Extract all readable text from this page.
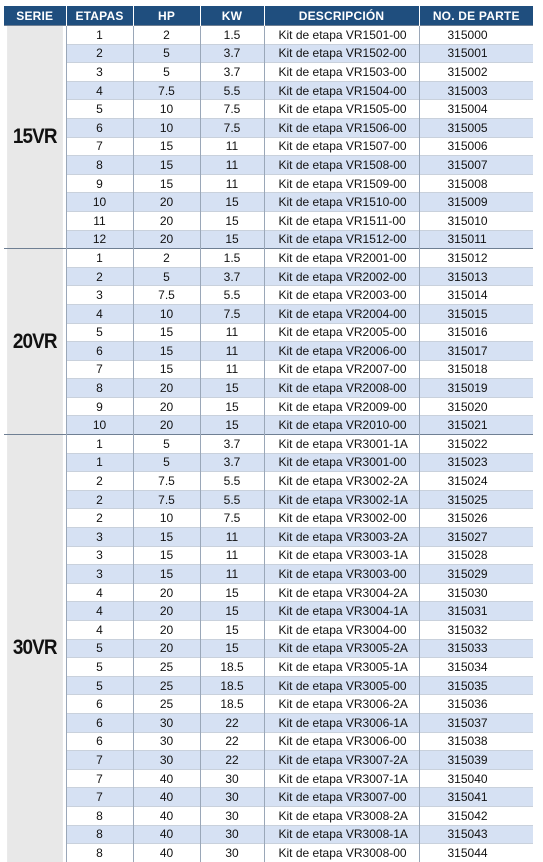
SERIE	ETAPAS	HP	KW	DESCRIPCIÓN	NO. DE PARTE
15VR	1	2	1.5	Kit de etapa VR1501-00	315000
	2	5	3.7	Kit de etapa VR1502-00	315001
	3	5	3.7	Kit de etapa VR1503-00	315002
	4	7.5	5.5	Kit de etapa VR1504-00	315003
	5	10	7.5	Kit de etapa VR1505-00	315004
	6	10	7.5	Kit de etapa VR1506-00	315005
	7	15	11	Kit de etapa VR1507-00	315006
	8	15	11	Kit de etapa VR1508-00	315007
	9	15	11	Kit de etapa VR1509-00	315008
	10	20	15	Kit de etapa VR1510-00	315009
	11	20	15	Kit de etapa VR1511-00	315010
	12	20	15	Kit de etapa VR1512-00	315011
20VR	1	2	1.5	Kit de etapa VR2001-00	315012
	2	5	3.7	Kit de etapa VR2002-00	315013
	3	7.5	5.5	Kit de etapa VR2003-00	315014
	4	10	7.5	Kit de etapa VR2004-00	315015
	5	15	11	Kit de etapa VR2005-00	315016
	6	15	11	Kit de etapa VR2006-00	315017
	7	15	11	Kit de etapa VR2007-00	315018
	8	20	15	Kit de etapa VR2008-00	315019
	9	20	15	Kit de etapa VR2009-00	315020
	10	20	15	Kit de etapa VR2010-00	315021
30VR	1	5	3.7	Kit de etapa VR3001-1A	315022
	1	5	3.7	Kit de etapa VR3001-00	315023
	2	7.5	5.5	Kit de etapa VR3002-2A	315024
	2	7.5	5.5	Kit de etapa VR3002-1A	315025
	2	10	7.5	Kit de etapa VR3002-00	315026
	3	15	11	Kit de etapa VR3003-2A	315027
	3	15	11	Kit de etapa VR3003-1A	315028
	3	15	11	Kit de etapa VR3003-00	315029
	4	20	15	Kit de etapa VR3004-2A	315030
	4	20	15	Kit de etapa VR3004-1A	315031
	4	20	15	Kit de etapa VR3004-00	315032
	5	20	15	Kit de etapa VR3005-2A	315033
	5	25	18.5	Kit de etapa VR3005-1A	315034
	5	25	18.5	Kit de etapa VR3005-00	315035
	6	25	18.5	Kit de etapa VR3006-2A	315036
	6	30	22	Kit de etapa VR3006-1A	315037
	6	30	22	Kit de etapa VR3006-00	315038
	7	30	22	Kit de etapa VR3007-2A	315039
	7	40	30	Kit de etapa VR3007-1A	315040
	7	40	30	Kit de etapa VR3007-00	315041
	8	40	30	Kit de etapa VR3008-2A	315042
	8	40	30	Kit de etapa VR3008-1A	315043
	8	40	30	Kit de etapa VR3008-00	315044
